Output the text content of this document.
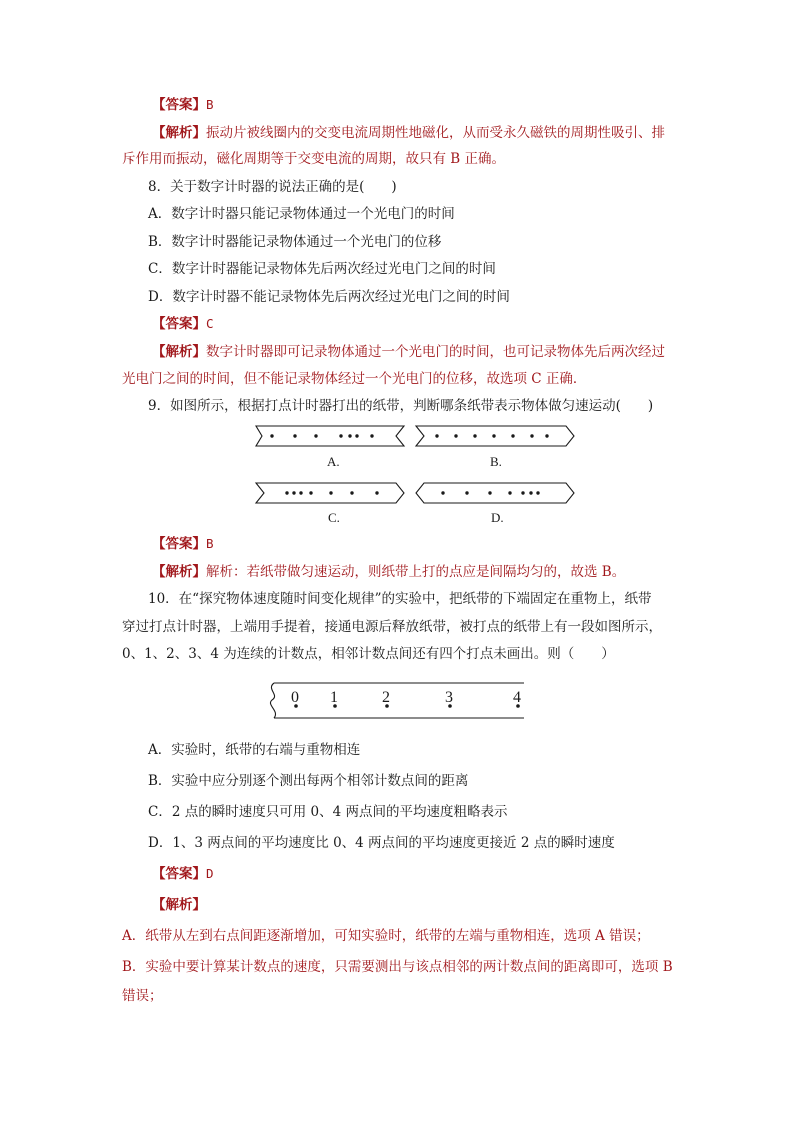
【答案】B
【解析】振动片被线圈内的交变电流周期性地磁化，从而受永久磁铁的周期性吸引、排
斥作用而振动，磁化周期等于交变电流的周期，故只有 B 正确。
8．关于数字计时器的说法正确的是(　　)
A．数字计时器只能记录物体通过一个光电门的时间
B．数字计时器能记录物体通过一个光电门的位移
C．数字计时器能记录物体先后两次经过光电门之间的时间
D．数字计时器不能记录物体先后两次经过光电门之间的时间
【答案】C
【解析】数字计时器即可记录物体通过一个光电门的时间，也可记录物体先后两次经过
光电门之间的时间，但不能记录物体经过一个光电门的位移，故选项 C 正确．
9．如图所示，根据打点计时器打出的纸带，判断哪条纸带表示物体做匀速运动(　　)
A.	B.
C.	D.
0 1	2	3	4
【答案】B
【解析】解析：若纸带做匀速运动，则纸带上打的点应是间隔均匀的，故选 B。
10．在“探究物体速度随时间变化规律”的实验中，把纸带的下端固定在重物上，纸带
穿过打点计时器，上端用手提着，接通电源后释放纸带，被打点的纸带上有一段如图所示，
0、1、2、3、4 为连续的计数点，相邻计数点间还有四个打点未画出。则（　　）
A．实验时，纸带的右端与重物相连
B．实验中应分别逐个测出每两个相邻计数点间的距离
C．2 点的瞬时速度只可用 0、4 两点间的平均速度粗略表示
D．1、3 两点间的平均速度比 0、4 两点间的平均速度更接近 2 点的瞬时速度
【答案】D
【解析】
A．纸带从左到右点间距逐渐增加，可知实验时，纸带的左端与重物相连，选项 A 错误；
B．实验中要计算某计数点的速度，只需要测出与该点相邻的两计数点间的距离即可，选项 B
错误；
